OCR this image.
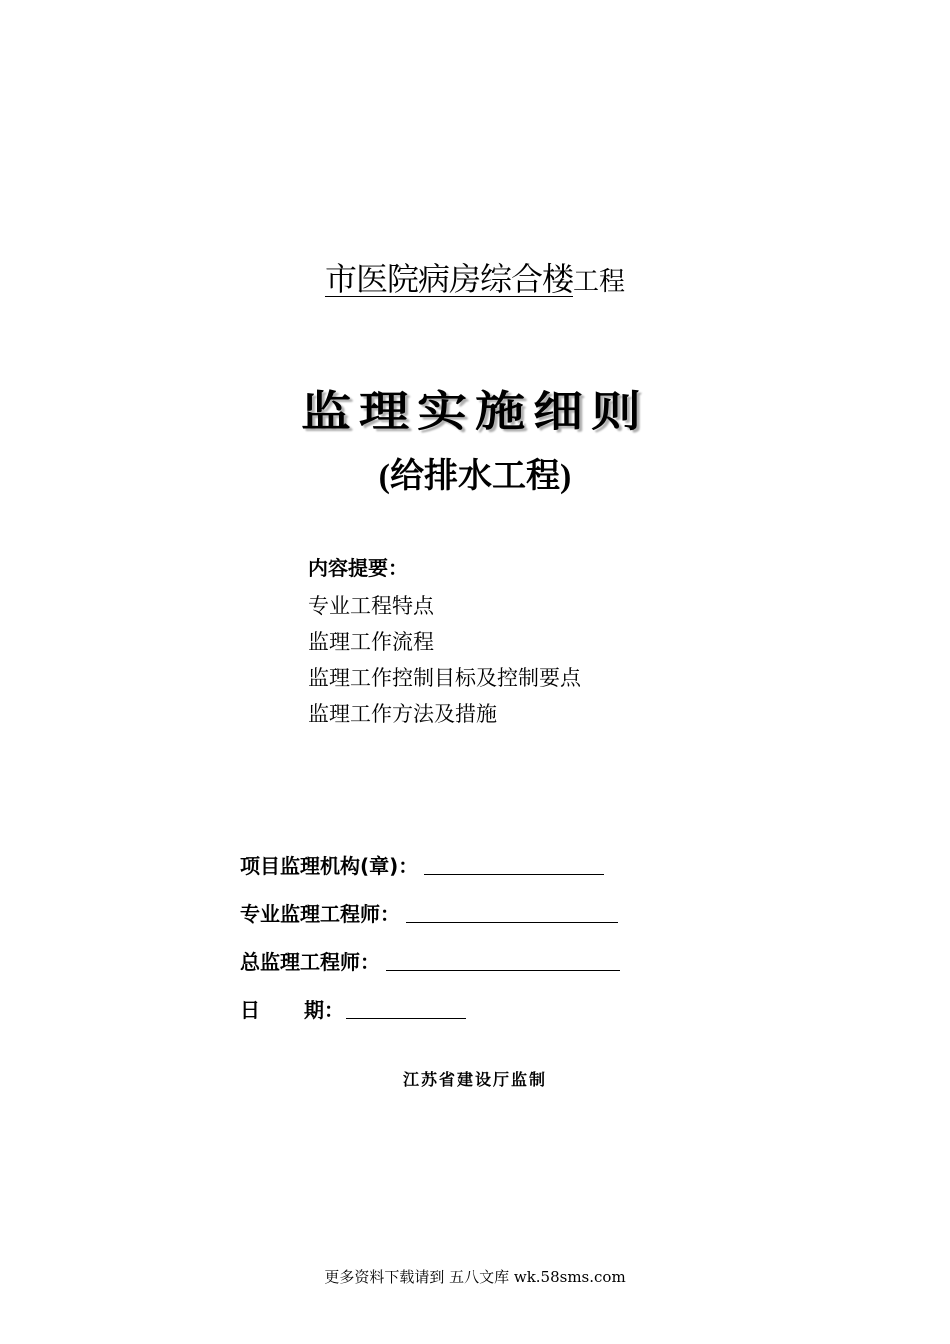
市医院病房综合楼工程
监理实施细则
(给排水工程)
内容提要：
专业工程特点
监理工作流程
监理工作控制目标及控制要点
监理工作方法及措施
项目监理机构(章)：
专业监理工程师：
总监理工程师：
日 期：
江苏省建设厅监制
更多资料下载请到 五八文库 wk.58sms.com
